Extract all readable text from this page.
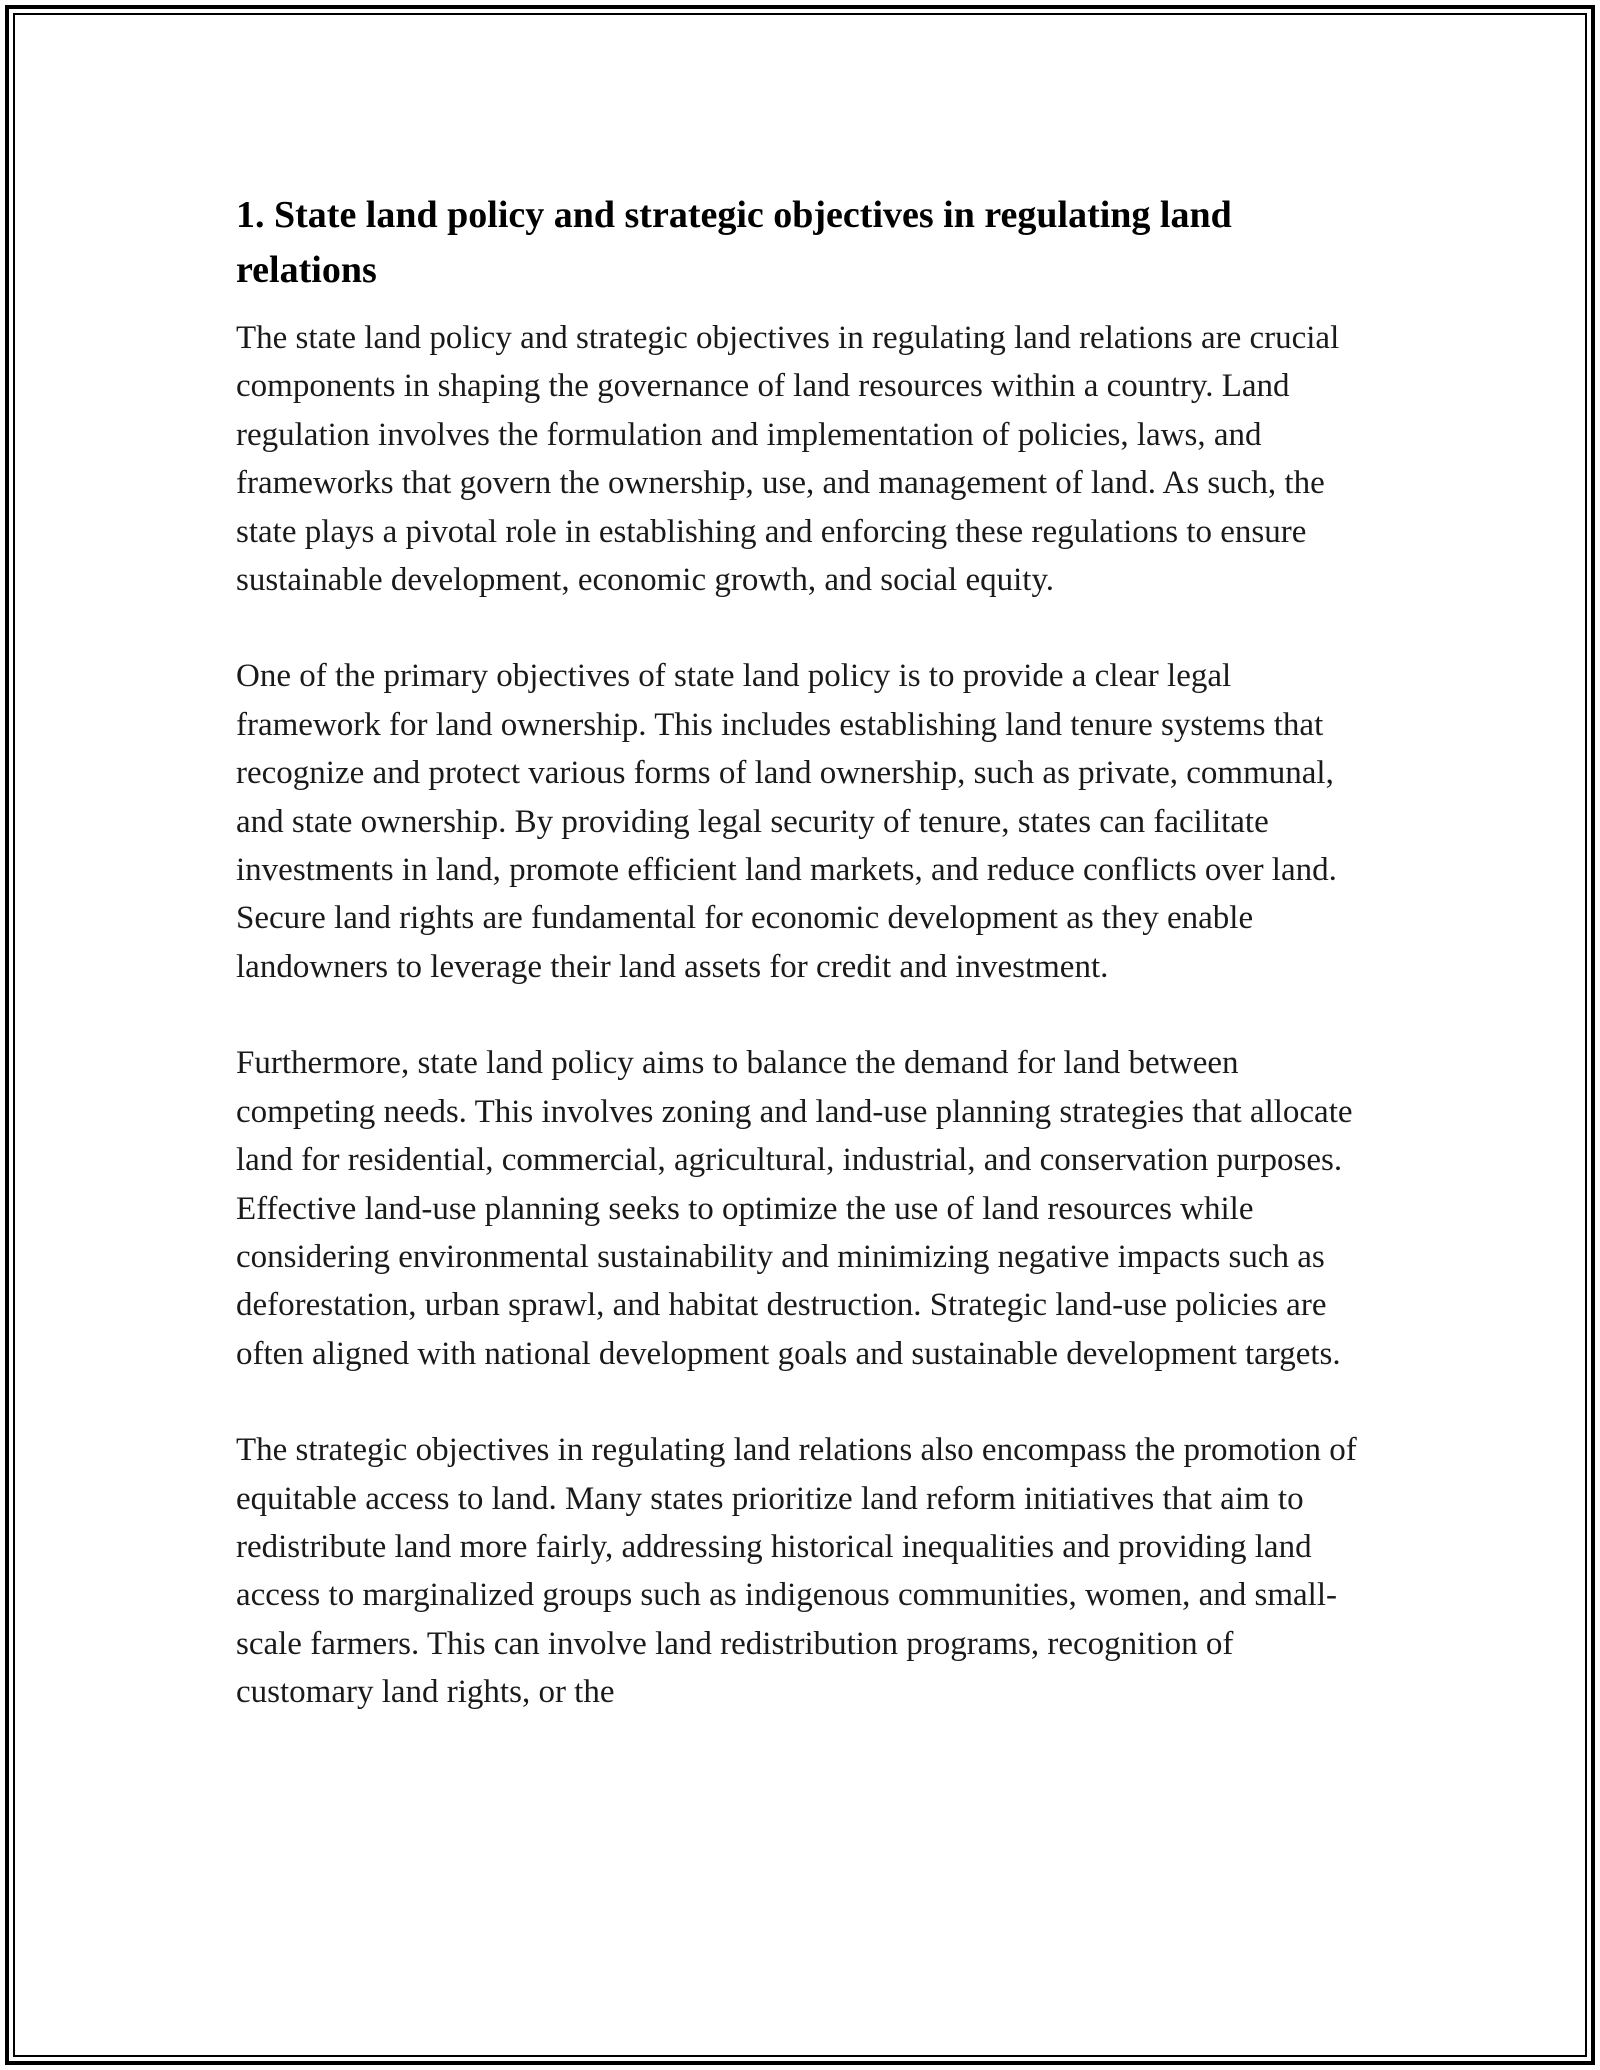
1. State land policy and strategic objectives in regulating land relations

The state land policy and strategic objectives in regulating land relations are crucial components in shaping the governance of land resources within a country. Land regulation involves the formulation and implementation of policies, laws, and frameworks that govern the ownership, use, and management of land. As such, the state plays a pivotal role in establishing and enforcing these regulations to ensure sustainable development, economic growth, and social equity.

One of the primary objectives of state land policy is to provide a clear legal framework for land ownership. This includes establishing land tenure systems that recognize and protect various forms of land ownership, such as private, communal, and state ownership. By providing legal security of tenure, states can facilitate investments in land, promote efficient land markets, and reduce conflicts over land. Secure land rights are fundamental for economic development as they enable landowners to leverage their land assets for credit and investment.

Furthermore, state land policy aims to balance the demand for land between competing needs. This involves zoning and land-use planning strategies that allocate land for residential, commercial, agricultural, industrial, and conservation purposes. Effective land-use planning seeks to optimize the use of land resources while considering environmental sustainability and minimizing negative impacts such as deforestation, urban sprawl, and habitat destruction. Strategic land-use policies are often aligned with national development goals and sustainable development targets.

The strategic objectives in regulating land relations also encompass the promotion of equitable access to land. Many states prioritize land reform initiatives that aim to redistribute land more fairly, addressing historical inequalities and providing land access to marginalized groups such as indigenous communities, women, and small-scale farmers. This can involve land redistribution programs, recognition of customary land rights, or the
